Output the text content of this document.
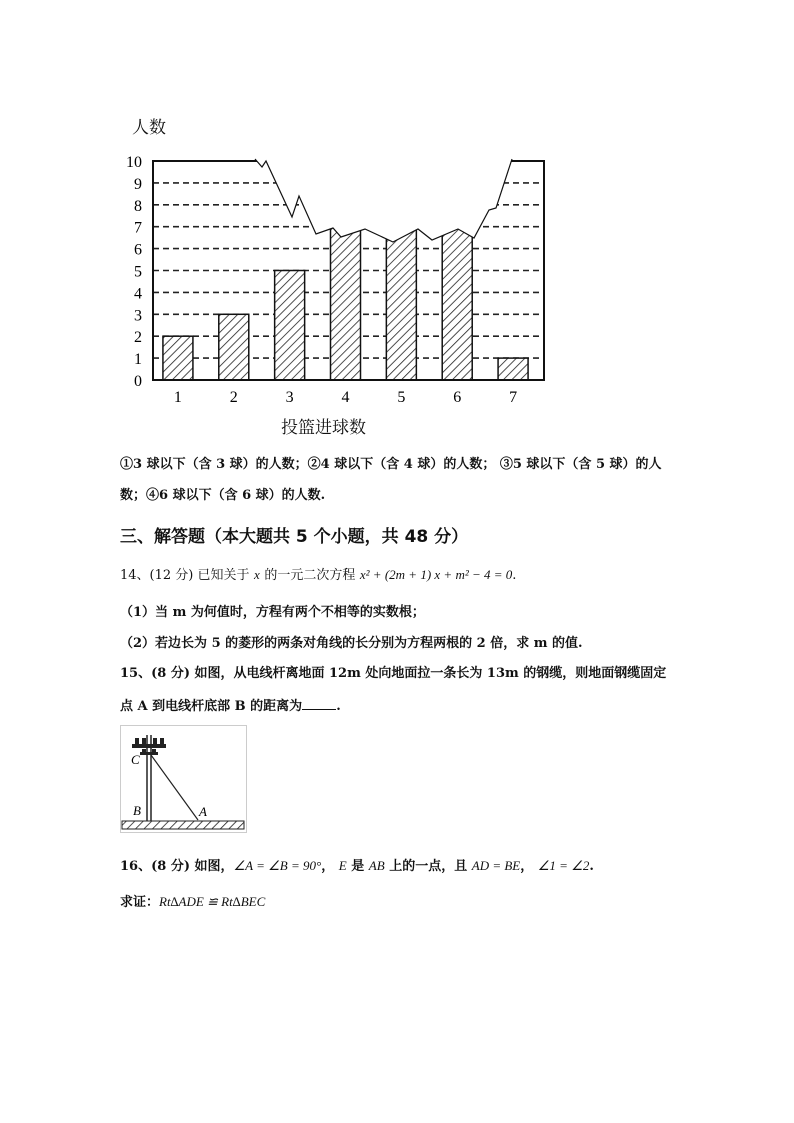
人数
0
1
2
3
4
5
6
7
8
9
10
1	2	3	4	5	6	7
投篮进球数
①3 球以下（含 3 球）的人数；②4 球以下（含 4 球）的人数； ③5 球以下（含 5 球）的人
数；④6 球以下（含 6 球）的人数.
三、解答题（本大题共 5 个小题，共 48 分）
14、(12 分) 已知关于 x 的一元二次方程 x² + (2m + 1) x + m² − 4 = 0.
（1）当 m 为何值时，方程有两个不相等的实数根；
（2）若边长为 5 的菱形的两条对角线的长分别为方程两根的 2 倍，求 m 的值.
15、(8 分) 如图，从电线杆离地面 12m 处向地面拉一条长为 13m 的钢缆，则地面钢缆固定
点 A 到电线杆底部 B 的距离为	.
C
B	A
16、(8 分) 如图，∠A = ∠B = 90°， E 是 AB 上的一点，且 AD = BE， ∠1 = ∠2.
求证：Rt∆ADE ≌ Rt∆BEC
